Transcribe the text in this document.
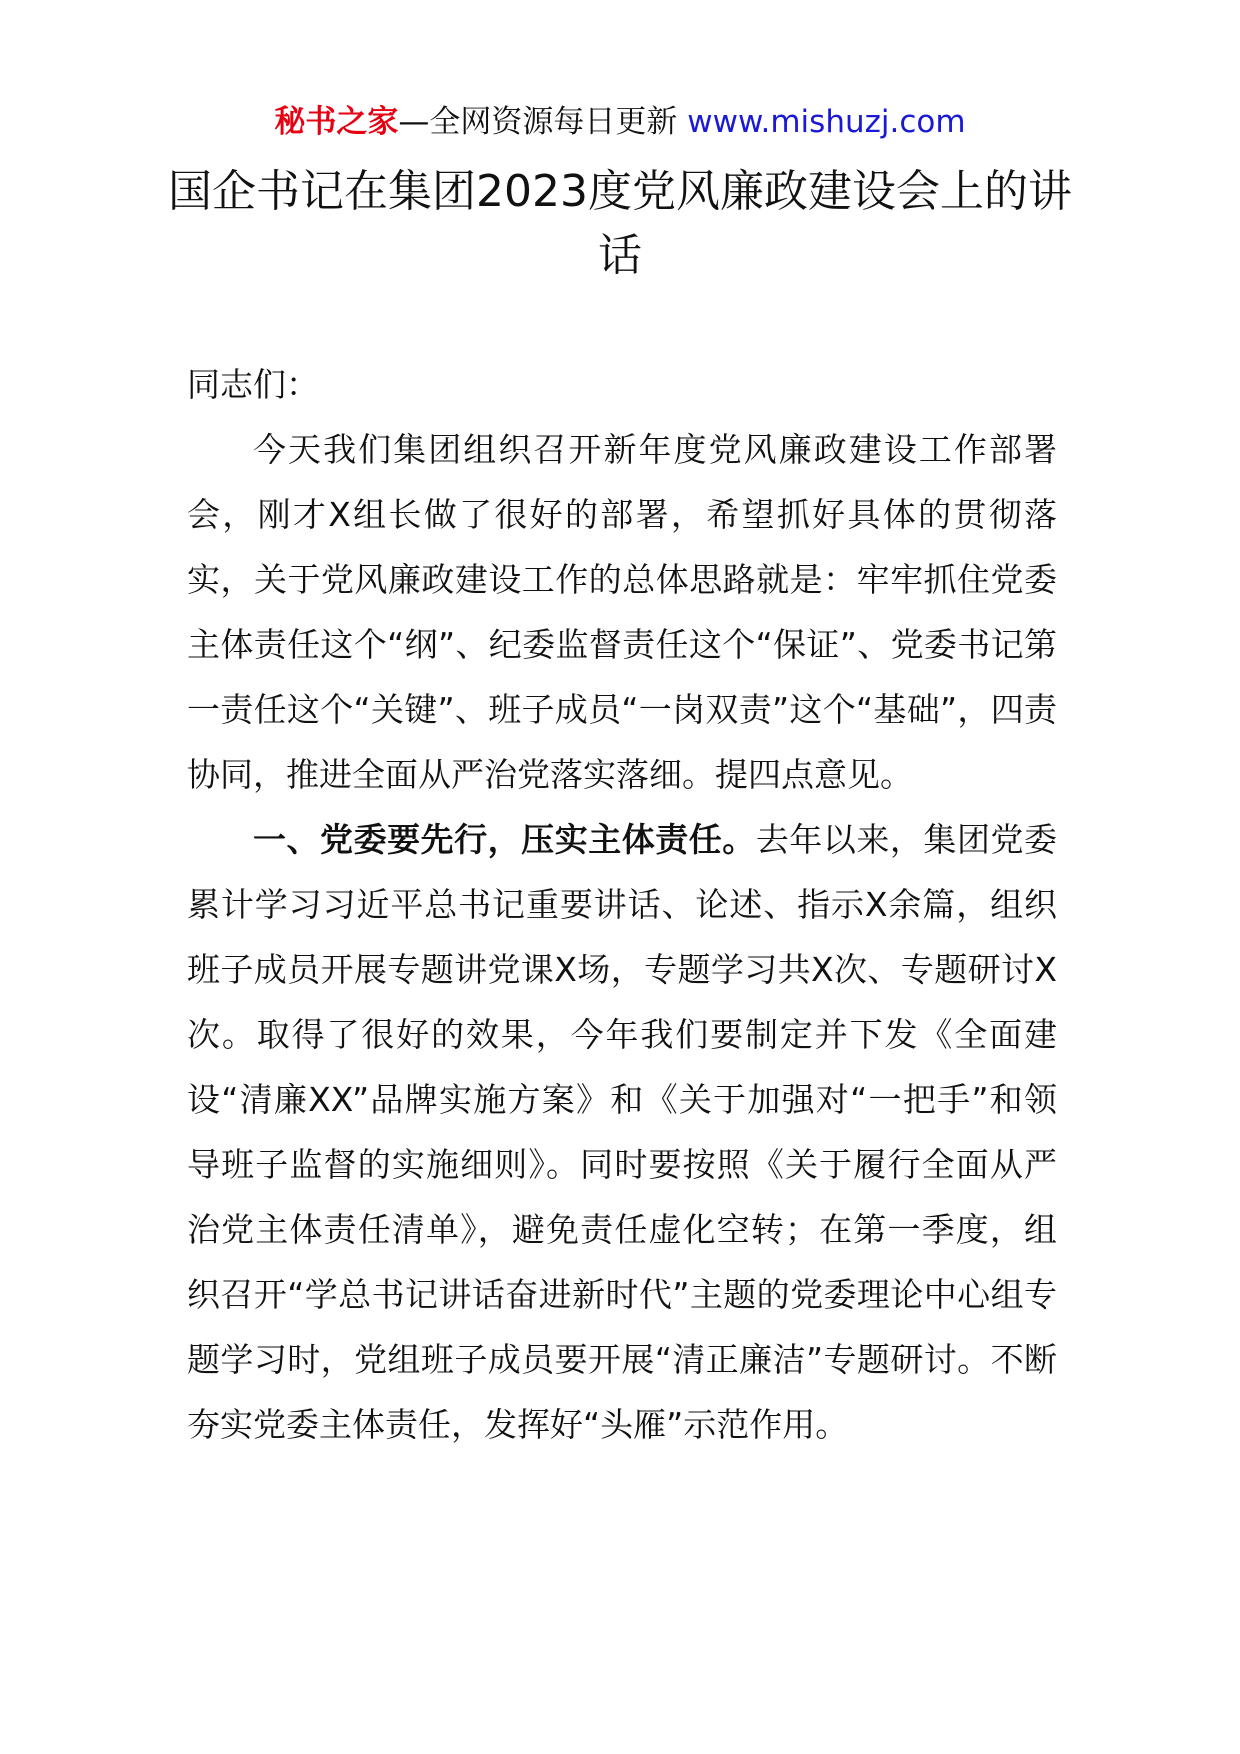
秘书之家—全网资源每日更新 www.mishuzj.com
国企书记在集团2023度党风廉政建设会上的讲话

同志们：

今天我们集团组织召开新年度党风廉政建设工作部署会，刚才X组长做了很好的部署，希望抓好具体的贯彻落实，关于党风廉政建设工作的总体思路就是：牢牢抓住党委主体责任这个“纲”、纪委监督责任这个“保证”、党委书记第一责任这个“关键”、班子成员“一岗双责”这个“基础”，四责协同，推进全面从严治党落实落细。提四点意见。

一、党委要先行，压实主体责任。去年以来，集团党委累计学习习近平总书记重要讲话、论述、指示X余篇，组织班子成员开展专题讲党课X场，专题学习共X次、专题研讨X次。取得了很好的效果，今年我们要制定并下发《全面建设“清廉XX”品牌实施方案》和《关于加强对“一把手”和领导班子监督的实施细则》。同时要按照《关于履行全面从严治党主体责任清单》，避免责任虚化空转；在第一季度，组织召开“学总书记讲话奋进新时代”主题的党委理论中心组专题学习时，党组班子成员要开展“清正廉洁”专题研讨。不断夯实党委主体责任，发挥好“头雁”示范作用。
